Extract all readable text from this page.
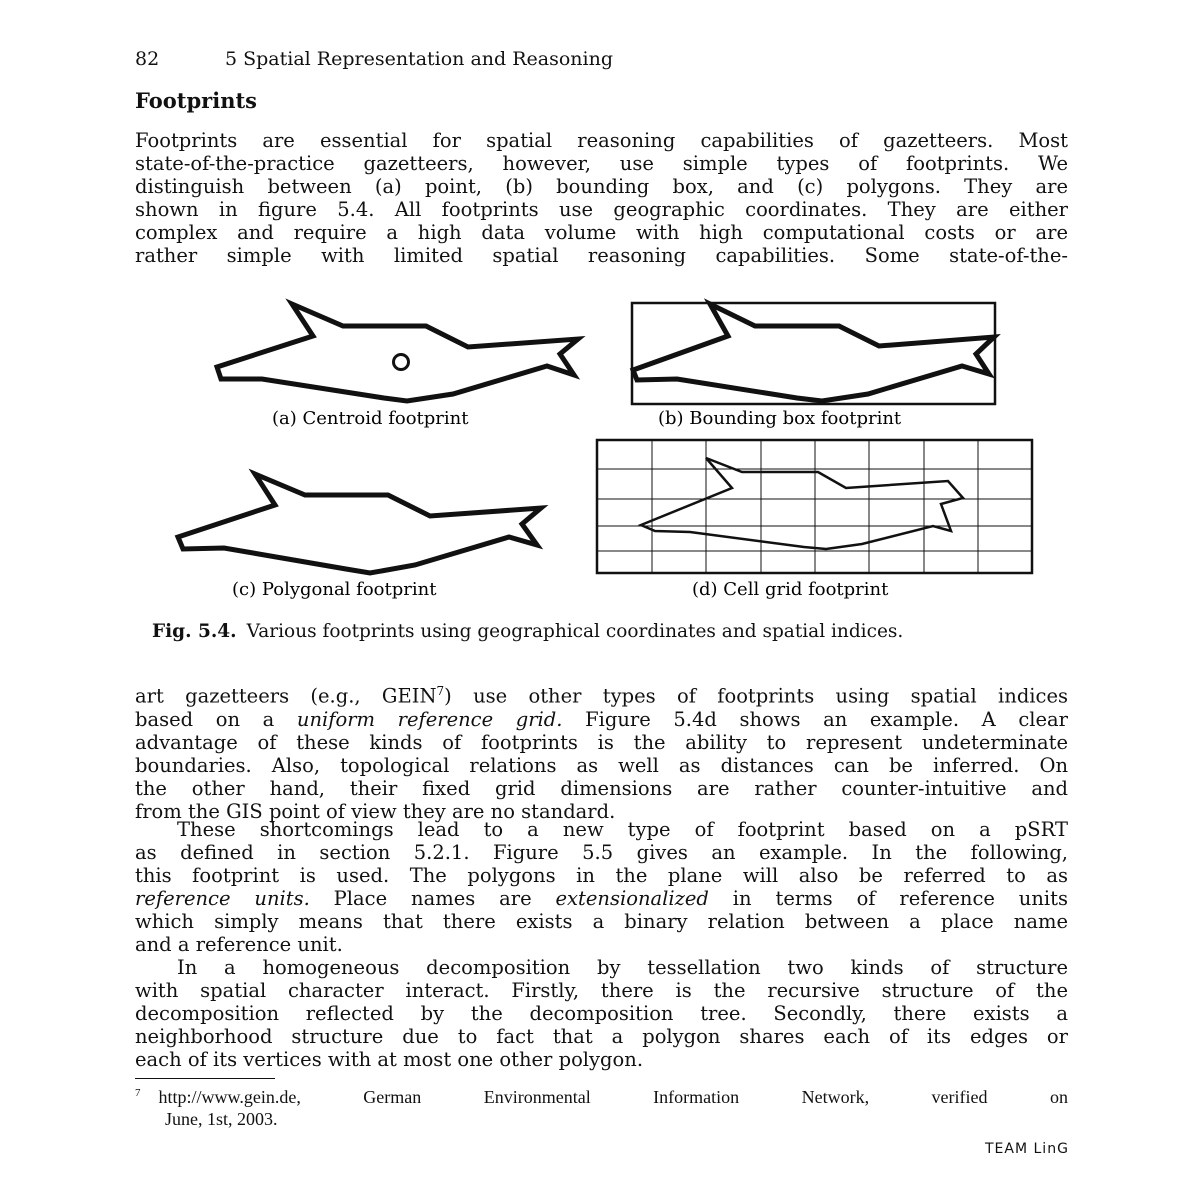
82	5 Spatial Representation and Reasoning
Footprints
Footprints are essential for spatial reasoning capabilities of gazetteers. Most
state-of-the-practice gazetteers, however, use simple types of footprints. We
distinguish between (a) point, (b) bounding box, and (c) polygons. They are
shown in figure 5.4. All footprints use geographic coordinates. They are either
complex and require a high data volume with high computational costs or are
rather simple with limited spatial reasoning capabilities. Some state-of-the-
(a) Centroid footprint	(b) Bounding box footprint
(c) Polygonal footprint	(d) Cell grid footprint
Fig. 5.4. Various footprints using geographical coordinates and spatial indices.
art gazetteers (e.g., GEIN$^7$) use other types of footprints using spatial indices
based on a uniform reference grid. Figure 5.4d shows an example. A clear
advantage of these kinds of footprints is the ability to represent undeterminate
boundaries. Also, topological relations as well as distances can be inferred. On
the other hand, their fixed grid dimensions are rather counter-intuitive and
from the GIS point of view they are no standard.
These shortcomings lead to a new type of footprint based on a pSRT
as defined in section 5.2.1. Figure 5.5 gives an example. In the following,
this footprint is used. The polygons in the plane will also be referred to as
reference units. Place names are extensionalized in terms of reference units
which simply means that there exists a binary relation between a place name
and a reference unit.
In a homogeneous decomposition by tessellation two kinds of structure
with spatial character interact. Firstly, there is the recursive structure of the
decomposition reflected by the decomposition tree. Secondly, there exists a
neighborhood structure due to fact that a polygon shares each of its edges or
each of its vertices with at most one other polygon.
$^7$ http://www.gein.de, German Environmental Information Network, verified on
June, 1st, 2003.
TEAM LinG
